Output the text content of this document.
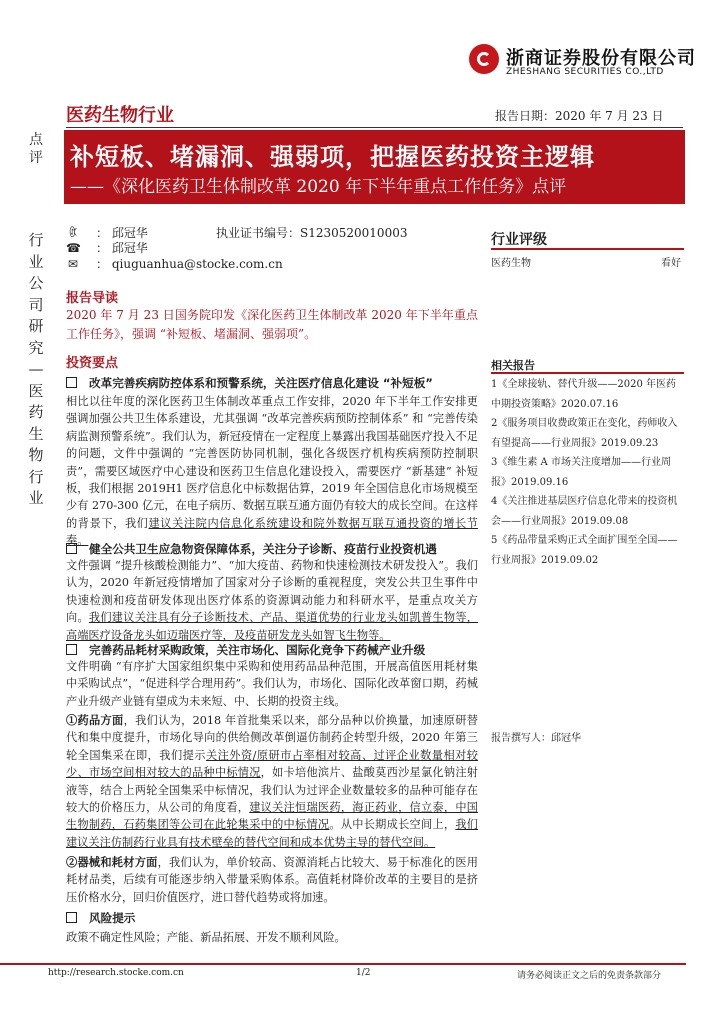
浙商证券股份有限公司
ZHESHANG SECURITIES CO.,LTD
点评
行业公司研究—医药生物行业
医药生物行业	报告日期：2020 年 7 月 23 日
补短板、堵漏洞、强弱项，把握医药投资主逻辑
——《深化医药卫生体制改革 2020 年下半年重点工作任务》点评
ꏫ ： 邱冠华	执业证书编号：S1230520010003
☎ ： 邱冠华
✉ ： qiuguanhua@stocke.com.cn
报告导读
2020 年 7 月 23 日国务院印发《深化医药卫生体制改革 2020 年下半年重点工作任务》，强调 “补短板、堵漏洞、强弱项”。
投资要点
改革完善疾病防控体系和预警系统，关注医疗信息化建设 “补短板”

相比以往年度的深化医药卫生体制改革重点工作安排，2020 年下半年工作安排更强调加强公共卫生体系建设，尤其强调 “改革完善疾病预防控制体系” 和 “完善传染病监测预警系统”。我们认为，新冠疫情在一定程度上暴露出我国基础医疗投入不足的问题，文件中强调的 “完善医防协同机制，强化各级医疗机构疾病预防控制职责”，需要区域医疗中心建设和医药卫生信息化建设投入，需要医疗 “新基建” 补短板，我们根据 2019H1 医疗信息化中标数据估算，2019 年全国信息化市场规模至少有 270-300 亿元，在电子病历、数据互联互通方面仍有较大的成长空间。在这样的背景下，我们建议关注院内信息化系统建设和院外数据互联互通投资的增长节奏。

健全公共卫生应急物资保障体系，关注分子诊断、疫苗行业投资机遇

文件强调 “提升核酸检测能力”、“加大疫苗、药物和快速检测技术研发投入”。我们认为，2020 年新冠疫情增加了国家对分子诊断的重视程度，突发公共卫生事件中快速检测和疫苗研发体现出医疗体系的资源调动能力和科研水平，是重点攻关方向。我们建议关注具有分子诊断技术、产品、渠道优势的行业龙头如凯普生物等，高端医疗设备龙头如迈瑞医疗等，及疫苗研发龙头如智飞生物等。

完善药品耗材采购政策，关注市场化、国际化竞争下药械产业升级

文件明确 “有序扩大国家组织集中采购和使用药品品种范围，开展高值医用耗材集中采购试点”，“促进科学合理用药”。我们认为，市场化、国际化改革窗口期，药械产业升级产业链有望成为未来短、中、长期的投资主线。

①药品方面，我们认为，2018 年首批集采以来，部分品种以价换量，加速原研替代和集中度提升，市场化导向的供给侧改革倒逼仿制药企转型升级，2020 年第三轮全国集采在即，我们提示关注外资/原研市占率相对较高、过评企业数量相对较少、市场空间相对较大的品种中标情况，如卡培他滨片、盐酸莫西沙星氯化钠注射液等，结合上两轮全国集采中标情况，我们认为过评企业数量较多的品种可能存在较大的价格压力，从公司的角度看，建议关注恒瑞医药，海正药业，信立泰，中国生物制药，石药集团等公司在此轮集采中的中标情况。从中长期成长空间上，我们建议关注仿制药行业具有技术壁垒的替代空间和成本优势主导的替代空间。

②器械和耗材方面，我们认为，单价较高、资源消耗占比较大、易于标准化的医用耗材品类，后续有可能逐步纳入带量采购体系。高值耗材降价改革的主要目的是挤压价格水分，回归价值医疗，进口替代趋势或将加速。

风险提示
政策不确定性风险；产能、新品拓展、开发不顺利风险。
行业评级
医药生物	看好
相关报告
1《全球接轨、替代升级——2020 年医药中期投资策略》2020.07.16
2《服务项目收费政策正在变化，药师收入有望提高——行业周报》2019.09.23
3《维生素 A 市场关注度增加——行业周报》2019.09.16
4《关注推进基层医疗信息化带来的投资机会——行业周报》2019.09.08
5《药品带量采购正式全面扩围至全国——行业周报》2019.09.02
报告撰写人：邱冠华
http://research.stocke.com.cn	1/2	请务必阅读正文之后的免责条款部分
